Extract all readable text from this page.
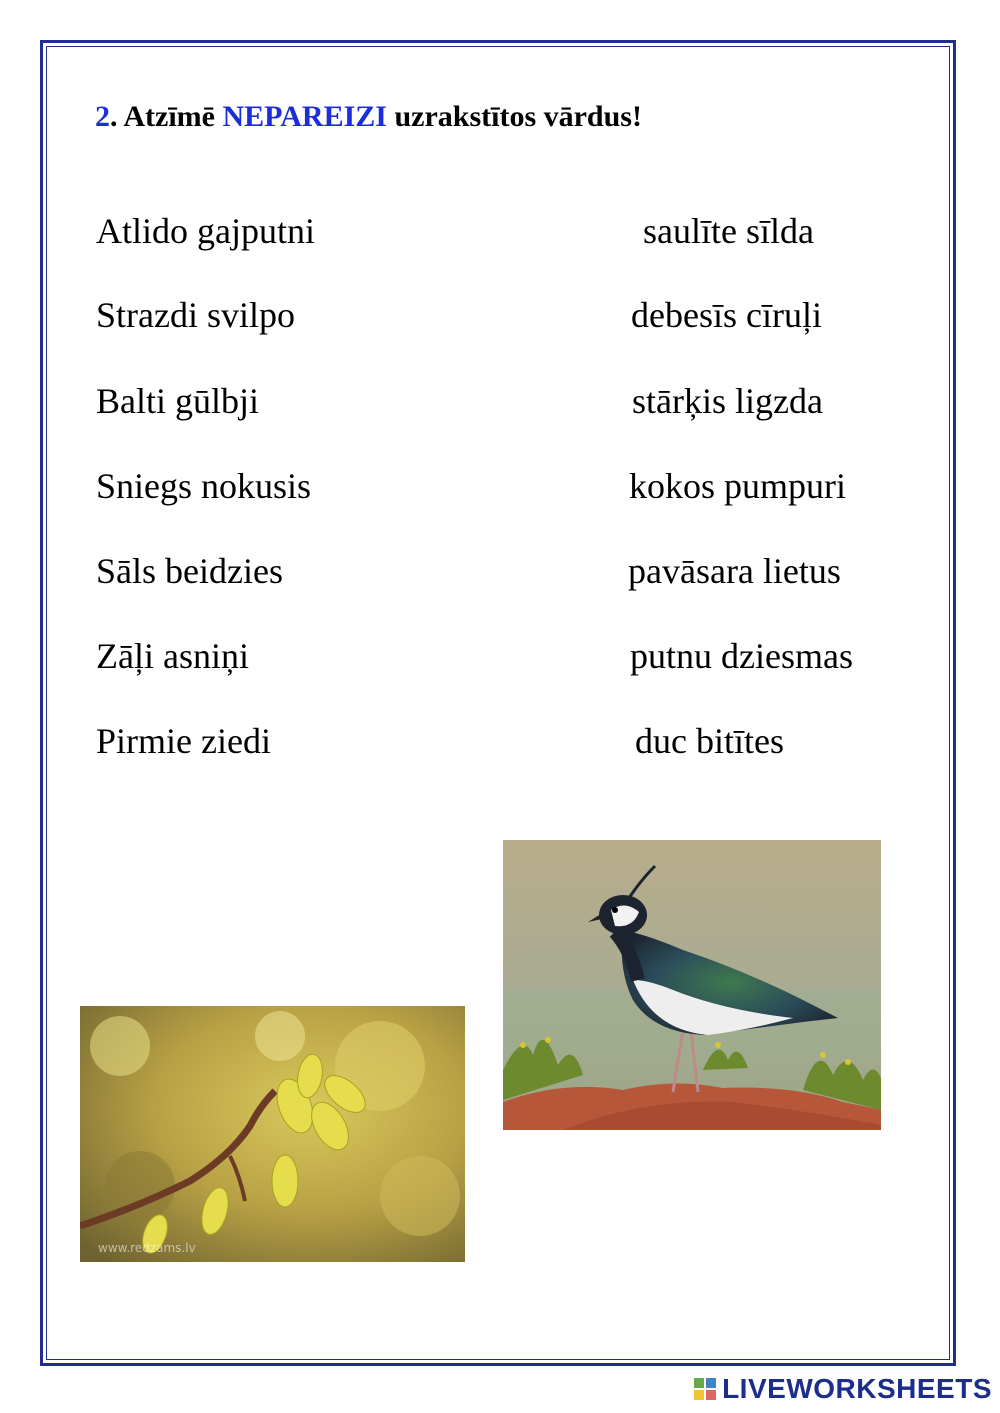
2. Atzīmē NEPAREIZI uzrakstītos vārdus!
Atlido gajputni
Strazdi svilpo
Balti gūlbji
Sniegs nokusis
Sāls beidzies
Zāļi asniņi
Pirmie ziedi
saulīte sīlda
debesīs cīruļi
stārķis ligzda
kokos pumpuri
pavāsara lietus
putnu dziesmas
duc bitītes
www.redzams.lv
LIVEWORKSHEETS
